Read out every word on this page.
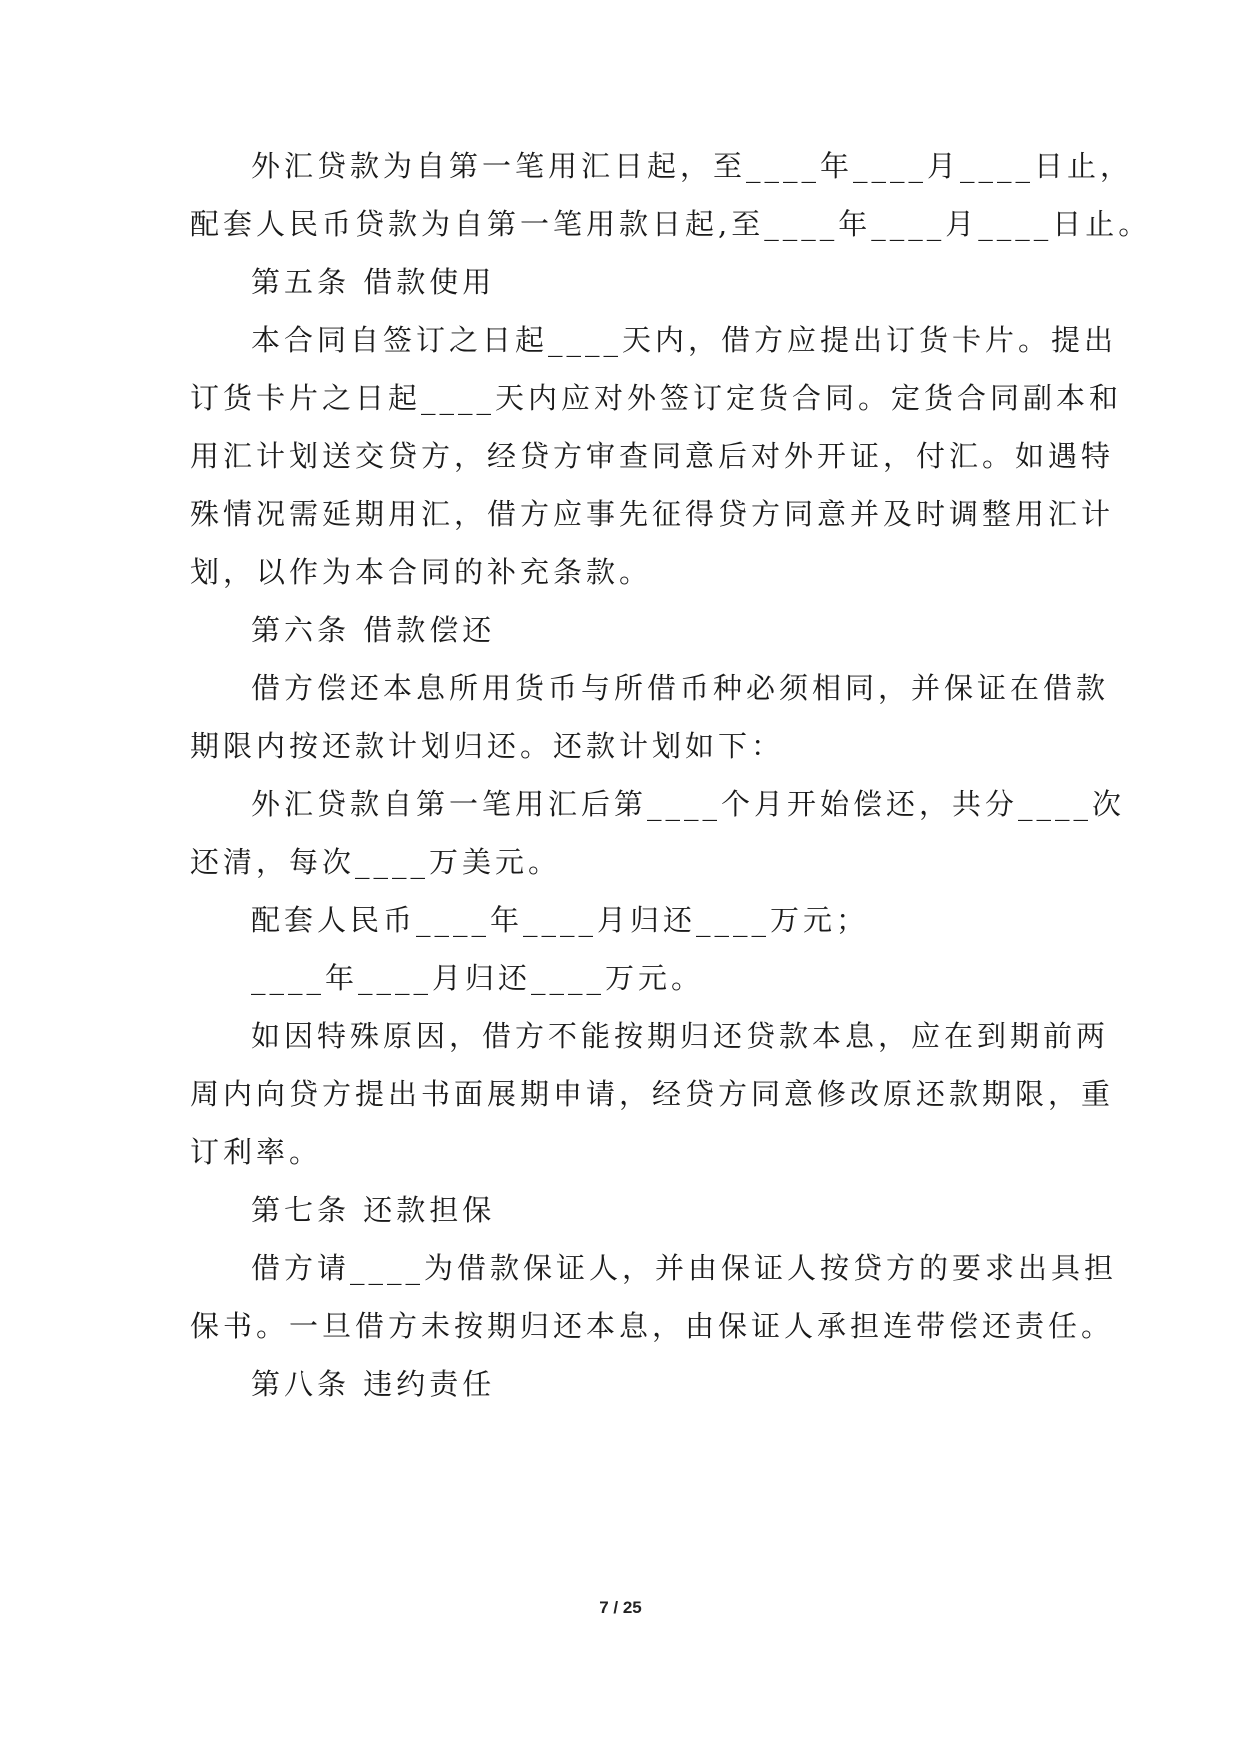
外汇贷款为自第一笔用汇日起，至____年____月____日止，
配套人民币贷款为自第一笔用款日起,至____年____月____日止。
第五条 借款使用
本合同自签订之日起____天内，借方应提出订货卡片。提出
订货卡片之日起____天内应对外签订定货合同。定货合同副本和
用汇计划送交贷方，经贷方审查同意后对外开证，付汇。如遇特
殊情况需延期用汇，借方应事先征得贷方同意并及时调整用汇计
划，以作为本合同的补充条款。
第六条 借款偿还
借方偿还本息所用货币与所借币种必须相同，并保证在借款
期限内按还款计划归还。还款计划如下：
外汇贷款自第一笔用汇后第____个月开始偿还，共分____次
还清，每次____万美元。
配套人民币____年____月归还____万元；
____年____月归还____万元。
如因特殊原因，借方不能按期归还贷款本息，应在到期前两
周内向贷方提出书面展期申请，经贷方同意修改原还款期限，重
订利率。
第七条 还款担保
借方请____为借款保证人，并由保证人按贷方的要求出具担
保书。一旦借方未按期归还本息，由保证人承担连带偿还责任。
第八条 违约责任
7 / 25
